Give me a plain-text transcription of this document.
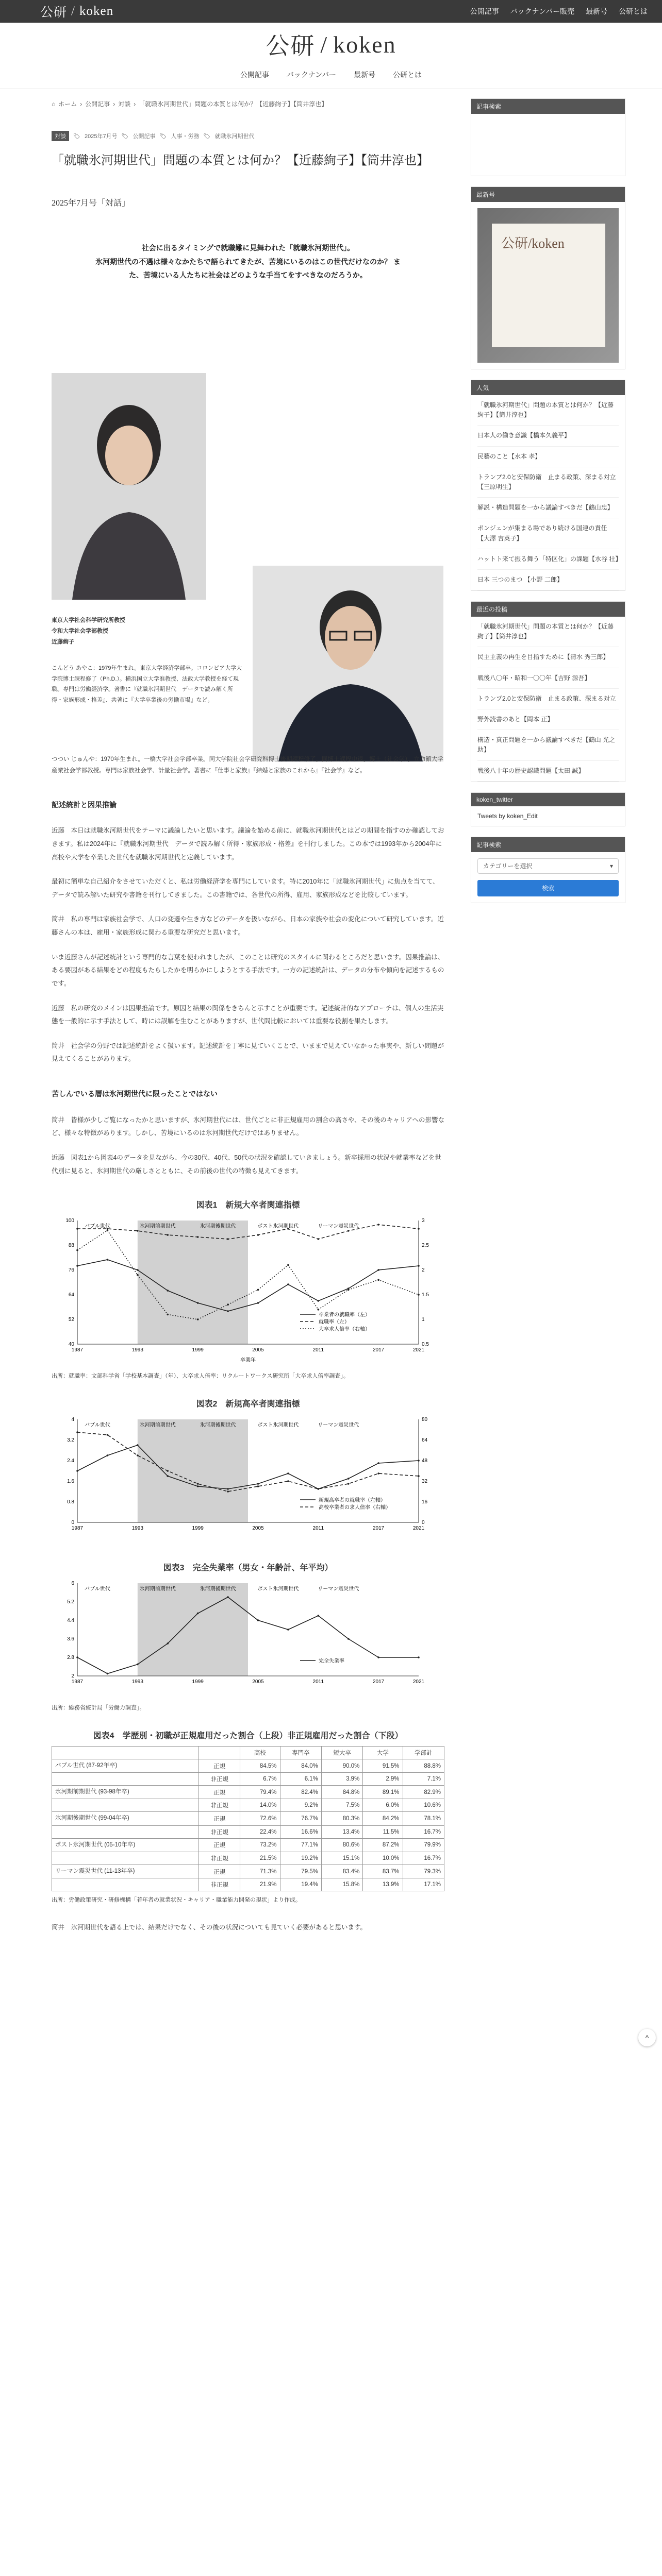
公研 / koken	公開記事 バックナンバー販売 最新号 公研とは
公研 / koken
公開記事 バックナンバー 最新号 公研とは
⌂ ホーム › 公開記事 › 対談 › 「就職氷河期世代」問題の本質とは何か？【近藤絢子】【筒井淳也】
対談	🏷 2025年7月号 🏷 公開記事 🏷 人事・労務 🏷 就職氷河期世代
「就職氷河期世代」問題の本質とは何か？【近藤絢子】【筒井淳也】
2025年7月号「対話」
社会に出るタイミングで就職難に見舞われた「就職氷河期世代」。
氷河期世代の不遇は様々なかたちで語られてきたが、苦境にいるのはこの世代だけなのか？ ま
た、苦境にいる人たちに社会はどのような手当てをすべきなのだろうか。
東京大学社会科学研究所教授
令和大学社会学部教授
近藤絢子
こんどう あやこ：1979年生まれ。東京大学経済学部卒。コロンビア大学大学院博士課程修了（Ph.D.）。横浜国立大学准教授、法政大学教授を経て現職。専門は労働経済学。著書に『就職氷河期世代　データで読み解く所得・家族形成・格差』、共著に『大学卒業後の労働市場』など。
つつい じゅんや：1970年生まれ。一橋大学社会学部卒業。同大学院社会学研究科博士後期課程修了。同博士課程中退。博士（社会学）。立命館大学産業社会学部教授。専門は家族社会学、計量社会学。著書に『仕事と家族』『結婚と家族のこれから』『社会学』など。
記述統計と因果推論

近藤　本日は就職氷河期世代をテーマに議論したいと思います。議論を始める前に、就職氷河期世代とはどの期間を指すのか確認しておきます。私は2024年に『就職氷河期世代　データで読み解く所得・家族形成・格差』を刊行しました。この本では1993年から2004年に高校や大学を卒業した世代を就職氷河期世代と定義しています。

最初に簡単な自己紹介をさせていただくと、私は労働経済学を専門にしています。特に2010年に「就職氷河期世代」に焦点を当てて、データで読み解いた研究や書籍を刊行してきました。この書籍では、各世代の所得、雇用、家族形成などを比較しています。

筒井　私の専門は家族社会学で、人口の変遷や生き方などのデータを扱いながら、日本の家族や社会の変化について研究しています。近藤さんの本は、雇用・家族形成に関わる重要な研究だと思います。

いま近藤さんが記述統計という専門的な言葉を使われましたが、このことは研究のスタイルに関わるところだと思います。因果推論は、ある要因がある結果をどの程度もたらしたかを明らかにしようとする手法です。一方の記述統計は、データの分布や傾向を記述するものです。

近藤　私の研究のメインは因果推論です。原因と結果の関係をきちんと示すことが重要です。記述統計的なアプローチは、個人の生活実態を一般的に示す手法として、時には誤解を生むことがありますが、世代間比較においては重要な役割を果たします。

筒井　社会学の分野では記述統計をよく扱います。記述統計を丁寧に見ていくことで、いままで見えていなかった事実や、新しい問題が見えてくることがあります。

苦しんでいる層は氷河期世代に限ったことではない

筒井　皆様が少しご覧になったかと思いますが、氷河期世代には、世代ごとに非正規雇用の割合の高さや、その後のキャリアへの影響など、様々な特徴があります。しかし、苦境にいるのは氷河期世代だけではありません。

近藤　図表1から図表4のデータを見ながら、今の30代、40代、50代の状況を確認していきましょう。新卒採用の状況や就業率などを世代別に見ると、氷河期世代の厳しさとともに、その前後の世代の特徴も見えてきます。

図表1　新規大卒者関連指標
1987	1993	1999	2005	2011	2017	2021
40	0.5
52	1
64	1.5
76	2
88	2.5
100	3
卒業者の就職率（左）
就職率（左）
大卒求人倍率（右軸）
バブル世代	氷河期前期世代	氷河期後期世代	ポスト氷河期世代	リーマン震災世代
卒業年
出所：就職率：文部科学省「学校基本調査」（年）、大卒求人倍率：リクルートワークス研究所「大卒求人倍率調査」。
図表2　新規高卒者関連指標
1987	1993	1999	2005	2011	2017	2021
0	0
0.8	16
1.6	32
2.4	48
3.2	64
4	80
新規高卒者の就職率（左軸）
高校卒業者の求人倍率（右軸）
バブル世代	氷河期前期世代	氷河期後期世代	ポスト氷河期世代	リーマン震災世代
図表3　完全失業率（男女・年齢計、年平均）
1987	1993	1999	2005	2011	2017	2021
2
2.8
3.6
4.4
5.2
6
完全失業率
バブル世代	氷河期前期世代	氷河期後期世代	ポスト氷河期世代	リーマン震災世代
出所：総務省統計局「労働力調査」。
図表4　学歴別・初職が正規雇用だった割合（上段）非正規雇用だった割合（下段）
		高校	専門卒	短大卒	大学	学部計
バブル世代 (87-92年卒)	正規	84.5%	84.0%	90.0%	91.5%	88.8%
	非正規	6.7%	6.1%	3.9%	2.9%	7.1%
氷河期前期世代 (93-98年卒)	正規	79.4%	82.4%	84.8%	89.1%	82.9%
	非正規	14.0%	9.2%	7.5%	6.0%	10.6%
氷河期後期世代 (99-04年卒)	正規	72.6%	76.7%	80.3%	84.2%	78.1%
	非正規	22.4%	16.6%	13.4%	11.5%	16.7%
ポスト氷河期世代 (05-10年卒)	正規	73.2%	77.1%	80.6%	87.2%	79.9%
	非正規	21.5%	19.2%	15.1%	10.0%	16.7%
リーマン震災世代 (11-13年卒)	正規	71.3%	79.5%	83.4%	83.7%	79.3%
	非正規	21.9%	19.4%	15.8%	13.9%	17.1%
出所：労働政策研究・研修機構「若年者の就業状況・キャリア・職業能力開発の現状」より作成。

筒井　氷河期世代を語る上では、結果だけでなく、その後の状況についても見ていく必要があると思います。

記事検索
最新号
公研/koken
人気
「就職氷河期世代」問題の本質とは何か？【近藤絢子】【筒井淳也】
日本人の働き意識【橋本久義平】
民藝のこと【水本 孝】
トランプ2.0と安保防衛　止まる政策、深まる対立【三原明生】
解説・構造問題を一から議論すべきだ【鶴山忠】
ポンジェンが集まる場であり続ける国連の責任【大澤 吉英子】
ハットト来て振る舞う「特区化」の課題【水谷 壮】
日本 三つのまつ 【小野 二郎】
最近の投稿
「就職氷河期世代」問題の本質とは何か？【近藤絢子】【筒井淳也】
民主主義の再生を目指すために【清水 秀三郎】
戦後八〇年・昭和一〇〇年【吉野 源吾】
トランプ2.0と安保防衛　止まる政策、深まる対立
野外読書のあと【岡本 正】
構造・真正問題を一から議論すべきだ【鶴山 光之助】
戦後八十年の歴史認識問題【太田 誠】
koken_twitter
Tweets by koken_Edit
記事検索
カテゴリーを選択	▾
検索
^
